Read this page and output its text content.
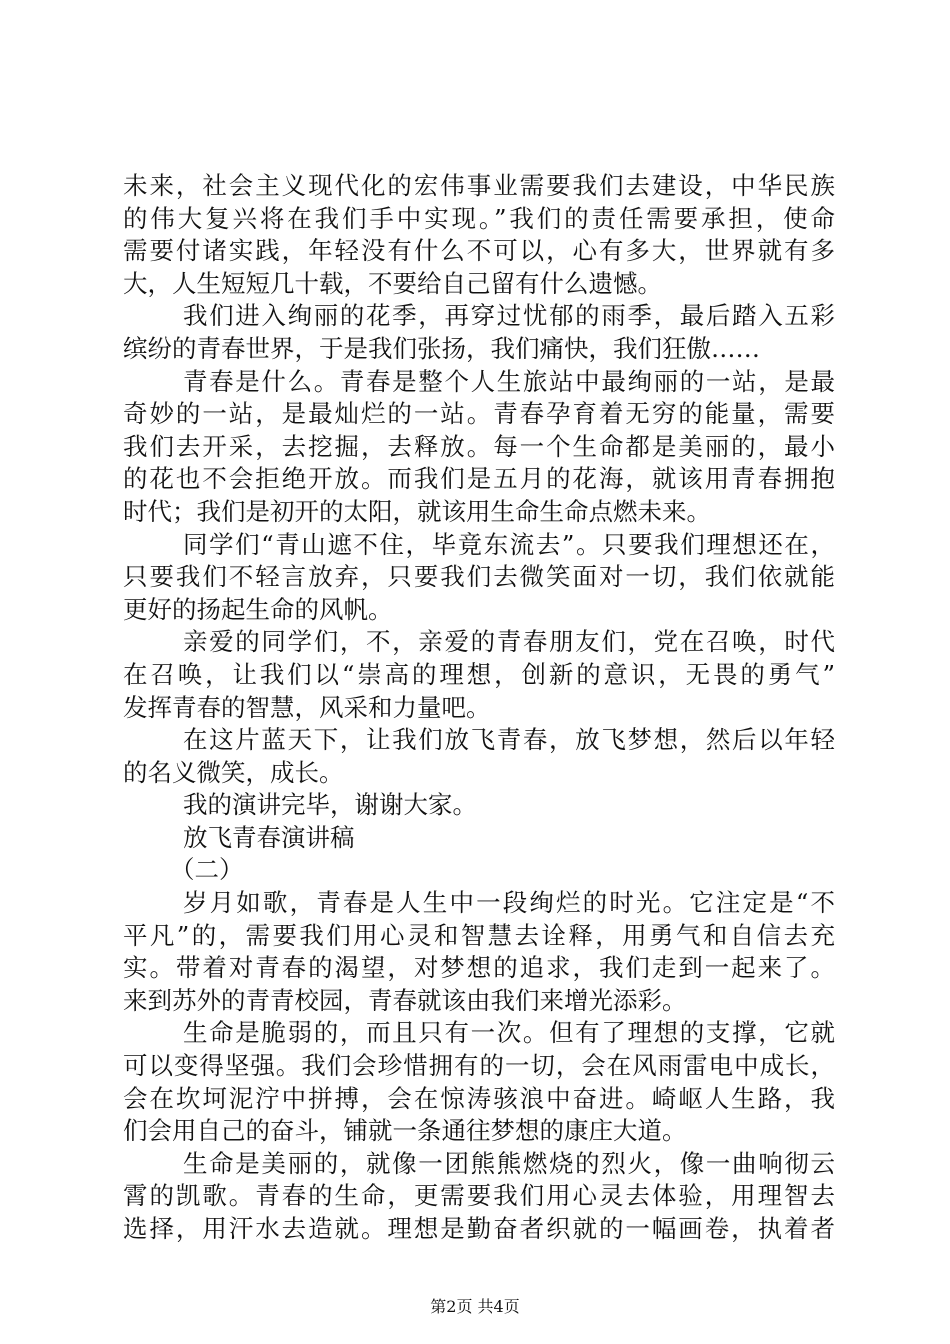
未来，社会主义现代化的宏伟事业需要我们去建设，中华民族
的伟大复兴将在我们手中实现。”我们的责任需要承担，使命
需要付诸实践，年轻没有什么不可以，心有多大，世界就有多
大，人生短短几十载，不要给自己留有什么遗憾。
我们进入绚丽的花季，再穿过忧郁的雨季，最后踏入五彩
缤纷的青春世界，于是我们张扬，我们痛快，我们狂傲……
青春是什么。青春是整个人生旅站中最绚丽的一站，是最
奇妙的一站，是最灿烂的一站。青春孕育着无穷的能量，需要
我们去开采，去挖掘，去释放。每一个生命都是美丽的，最小
的花也不会拒绝开放。而我们是五月的花海，就该用青春拥抱
时代；我们是初开的太阳，就该用生命生命点燃未来。
同学们“青山遮不住，毕竟东流去”。只要我们理想还在，
只要我们不轻言放弃，只要我们去微笑面对一切，我们依就能
更好的扬起生命的风帆。
亲爱的同学们，不，亲爱的青春朋友们，党在召唤，时代
在召唤，让我们以“崇高的理想，创新的意识，无畏的勇气”
发挥青春的智慧，风采和力量吧。
在这片蓝天下，让我们放飞青春，放飞梦想，然后以年轻
的名义微笑，成长。
我的演讲完毕，谢谢大家。
放飞青春演讲稿
（二）
岁月如歌，青春是人生中一段绚烂的时光。它注定是“不
平凡”的，需要我们用心灵和智慧去诠释，用勇气和自信去充
实。带着对青春的渴望，对梦想的追求，我们走到一起来了。
来到苏外的青青校园，青春就该由我们来增光添彩。
生命是脆弱的，而且只有一次。但有了理想的支撑，它就
可以变得坚强。我们会珍惜拥有的一切，会在风雨雷电中成长，
会在坎坷泥泞中拼搏，会在惊涛骇浪中奋进。崎岖人生路，我
们会用自己的奋斗，铺就一条通往梦想的康庄大道。
生命是美丽的，就像一团熊熊燃烧的烈火，像一曲响彻云
霄的凯歌。青春的生命，更需要我们用心灵去体验，用理智去
选择，用汗水去造就。理想是勤奋者织就的一幅画卷，执着者
第2页 共4页
